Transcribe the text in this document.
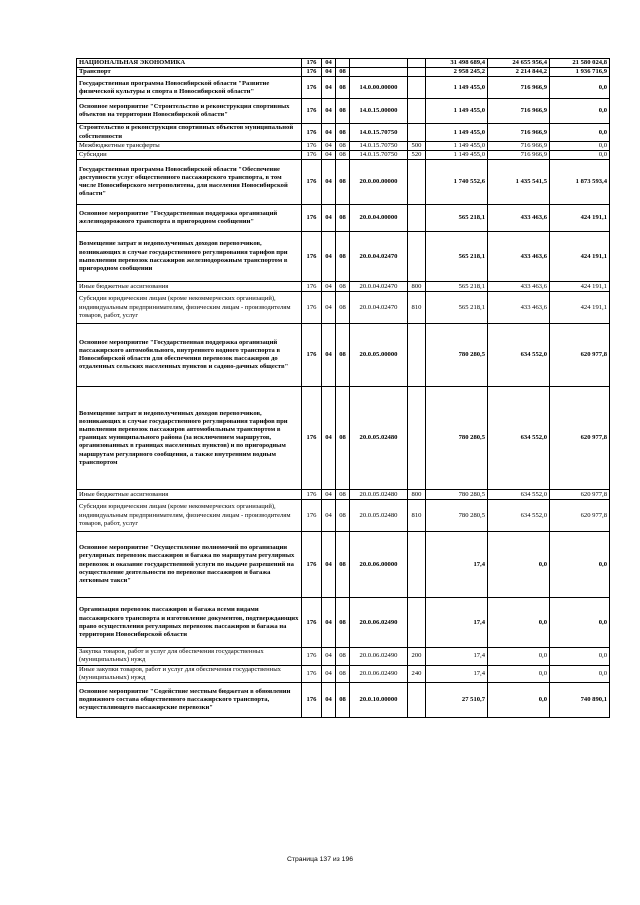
НАЦИОНАЛЬНАЯ ЭКОНОМИКА	176	04				31 498 689,4	24 655 956,4	21 580 024,8
Транспорт	176	04	08			2 958 245,2	2 214 844,2	1 936 716,9
Государственная программа Новосибирской области "Развитие физической культуры и спорта в Новосибирской области"	176	04	08	14.0.00.00000		1 149 455,0	716 966,9	0,0
Основное мероприятие "Строительство и реконструкция спортивных объектов на территории Новосибирской области"	176	04	08	14.0.15.00000		1 149 455,0	716 966,9	0,0
Строительство и реконструкция спортивных объектов муниципальной собственности	176	04	08	14.0.15.70750		1 149 455,0	716 966,9	0,0
Межбюджетные трансферты	176	04	08	14.0.15.70750	500	1 149 455,0	716 966,9	0,0
Субсидии	176	04	08	14.0.15.70750	520	1 149 455,0	716 966,9	0,0
Государственная программа Новосибирской области "Обеспечение доступности услуг общественного пассажирского транспорта, в том числе Новосибирского метрополитена, для населения Новосибирской области"	176	04	08	20.0.00.00000		1 740 552,6	1 435 541,5	1 873 593,4
Основное мероприятие "Государственная поддержка организаций железнодорожного транспорта в пригородном сообщении"	176	04	08	20.0.04.00000		565 218,1	433 463,6	424 191,1
Возмещение затрат и недополученных доходов перевозчиков, возникающих в случае государственного регулирования тарифов при выполнении перевозок пассажиров железнодорожным транспортом в пригородном сообщении	176	04	08	20.0.04.02470		565 218,1	433 463,6	424 191,1
Иные бюджетные ассигнования	176	04	08	20.0.04.02470	800	565 218,1	433 463,6	424 191,1
Субсидии юридическим лицам (кроме некоммерческих организаций), индивидуальным предпринимателям, физическим лицам - производителям товаров, работ, услуг	176	04	08	20.0.04.02470	810	565 218,1	433 463,6	424 191,1
Основное мероприятие "Государственная поддержка организаций пассажирского автомобильного, внутреннего водного транспорта в Новосибирской области для обеспечения перевозок пассажиров до отдаленных сельских населенных пунктов и садово-дачных обществ"	176	04	08	20.0.05.00000		780 280,5	634 552,0	620 977,8
Возмещение затрат и недополученных доходов перевозчиков, возникающих в случае государственного регулирования тарифов при выполнении перевозок пассажиров автомобильным транспортом в границах муниципального района (за исключением маршрутов, организованных в границах населенных пунктов) и по пригородным маршрутам регулярного сообщения, а также внутренним водным транспортом	176	04	08	20.0.05.02480		780 280,5	634 552,0	620 977,8
Иные бюджетные ассигнования	176	04	08	20.0.05.02480	800	780 280,5	634 552,0	620 977,8
Субсидии юридическим лицам (кроме некоммерческих организаций), индивидуальным предпринимателям, физическим лицам - производителям товаров, работ, услуг	176	04	08	20.0.05.02480	810	780 280,5	634 552,0	620 977,8
Основное мероприятие "Осуществление полномочий по организации регулярных перевозок пассажиров и багажа по маршрутам регулярных перевозок и оказание государственной услуги по выдаче разрешений на осуществление деятельности по перевозке пассажиров и багажа легковым такси"	176	04	08	20.0.06.00000		17,4	0,0	0,0
Организация перевозок пассажиров и багажа всеми видами пассажирского транспорта и изготовление документов, подтверждающих право осуществления регулярных перевозок пассажиров и багажа на территории Новосибирской области	176	04	08	20.0.06.02490		17,4	0,0	0,0
Закупка товаров, работ и услуг для обеспечения государственных (муниципальных) нужд	176	04	08	20.0.06.02490	200	17,4	0,0	0,0
Иные закупки товаров, работ и услуг для обеспечения государственных (муниципальных) нужд	176	04	08	20.0.06.02490	240	17,4	0,0	0,0
Основное мероприятие "Содействие местным бюджетам в обновлении подвижного состава общественного пассажирского транспорта, осуществляющего пассажирские перевозки"	176	04	08	20.0.10.00000		27 510,7	0,0	740 890,1
Страница 137 из 196
